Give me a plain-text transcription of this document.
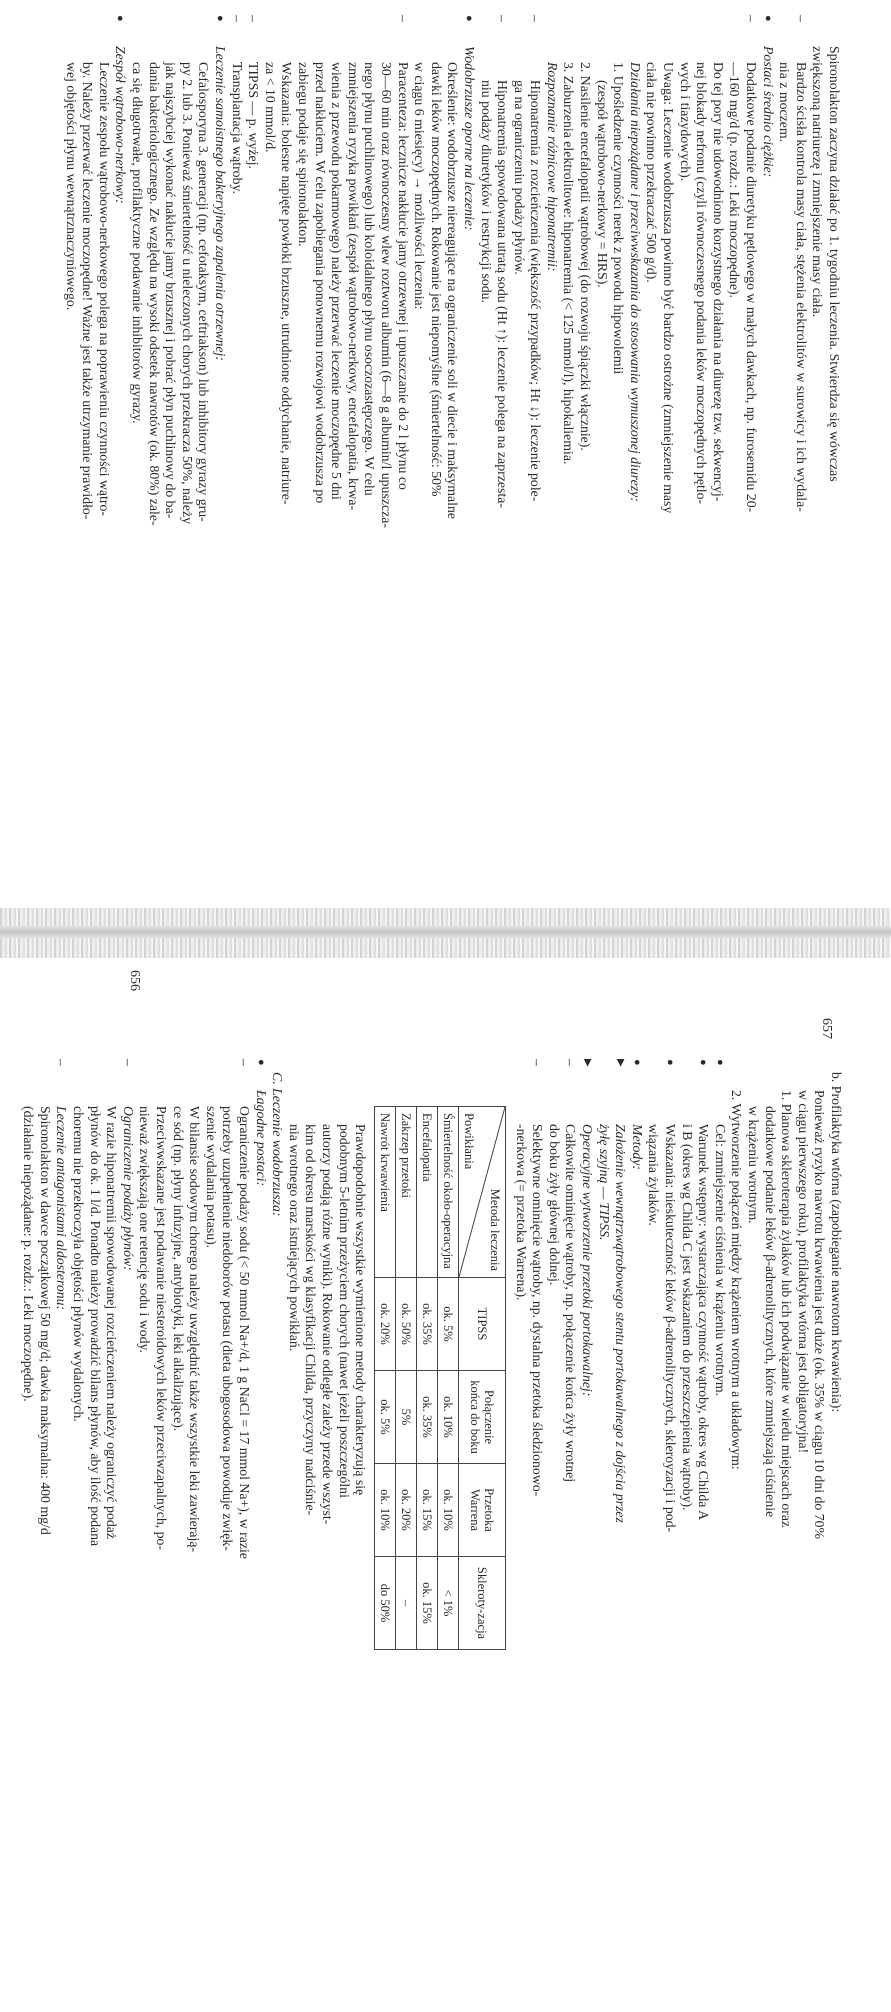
Spironolakton zaczyna działać po 1. tygodniu leczenia. Stwierdza się wówczas

zwiększoną natriurezę i zmniejszenie masy ciała.

– Bardzo ścisła kontrola masy ciała, stężenia elektrolitów w surowicy i ich wydala-

nia z moczem.

● Postaci średnio ciężkie:

– Dodatkowe podanie diuretyku pętlowego w małych dawkach, np. furosemidu 20-

—160 mg/d (p. rozdz.: Leki moczopędne).

Do tej pory nie udowodniono korzystnego działania na diurezę tzw. sekwencyj-

nej blokady nefronu (czyli równoczesnego podania leków moczopędnych pętlo-

wych i tiazydowych).

Uwaga: Leczenie wodobrzusza powinno być bardzo ostrożne (zmniejszenie masy

ciała nie powinno przekraczać 500 g/d).

Działania niepożądane i przeciwwskazania do stosowania wymuszonej diurezy:

1. Upośledzenie czynności nerek z powodu hipowolemii

(zespół wątrobowo-nerkowy = HRS).

2. Nasilenie encefalopatii wątrobowej (do rozwoju śpiączki włącznie).

3. Zaburzenia elektrolitowe: hiponatremia (< 125 mmol/l), hipokaliemia.

Rozpoznanie różnicowe hiponatremii:

– Hiponatremia z rozcieńczenia (większość przypadków; Ht ↓): leczenie pole-

ga na ograniczeniu podaży płynów.

– Hiponatremia spowodowana utratą sodu (Ht ↑): leczenie polega na zaprzesta-

niu podaży diuretyków i restrykcji sodu.

● Wodobrzusze oporne na leczenie:

Określenie: wodobrzusze niereagujące na ograniczenie soli w diecie i maksymalne

dawki leków moczopędnych. Rokowanie jest niepomyślne (śmiertelność: 50%

w ciągu 6 miesięcy) → możliwości leczenia:

– Paracenteza: lecznicze nakłucie jamy otrzewnej i upuszczanie do 2 l płynu co

30—60 min oraz równoczesny wlew roztworu albumin (6—8 g albumin/l upuszcza-

nego płynu puchlinowego) lub koloidalnego płynu osoczozastępczego. W celu

zmniejszenia ryzyka powikłań (zespół wątrobowo-nerkowy, encefalopatia, krwa-

wienia z przewodu pokarmowego) należy przerwać leczenie moczopędne 5 dni

przed nakłuciem. W celu zapobiegania ponownemu rozwojowi wodobrzusza po

zabiegu podaje się spironolakton.

Wskazania: bolesne napięte powłoki brzuszne, utrudnione oddychanie, natriure-

za < 10 mmol/d.

– TIPSS — p. wyżej.

– Transplantacja wątroby.

● Leczenie samoistnego bakteryjnego zapalenia otrzewnej:

Cefalosporyna 3. generacji (np. cefotaksym, ceftriakson) lub inhibitory gyrazy gru-

py 2. lub 3. Ponieważ śmiertelność u nieleczonych chorych przekracza 50%, należy

jak najszybciej wykonać nakłucie jamy brzusznej i pobrać płyn puchlinowy do ba-

dania bakteriologicznego. Ze względu na wysoki odsetek nawrotów (ok. 80%) zale-

ca się długotrwałe, profilaktyczne podawanie inhibitorów gyrazy.

● Zespół wątrobowo-nerkowy:

Leczenie zespołu wątrobowo-nerkowego polega na poprawieniu czynności wątro-

by. Należy przerwać leczenie moczopędne! Ważne jest także utrzymanie prawidło-

wej objętości płynu wewnątrznaczyniowego.

657

b. Profilaktyka wtórna (zapobieganie nawrotom krwawienia):

Ponieważ ryzyko nawrotu krwawienia jest duże (ok. 35% w ciągu 10 dni do 70%

w ciągu pierwszego roku), profilaktyka wtórna jest obligatoryjna!

1. Planowa skleroterapia żylaków lub ich podwiązanie w wiedu miejscach oraz

dodatkowe podanie leków β-adrenolitycznych, które zmniejszają ciśnienie

w krążeniu wrotnym.

2. Wytworzenie połączeń między krążeniem wrotnym a układowym:

● Cel: zmniejszenie ciśnienia w krążeniu wrotnym.

● Warunek wstępny: wystarczająca czynność wątroby, okres wg Childa A

i B (okres wg Childa C jest wskazaniem do przeszczepienia wątroby).

● Wskazania: nieskuteczność leków β-adrenolitycznych, skleroyzacji i pod-

wiązania żylaków.

● Metody:

▶ Założenie wewnątrzwątrobowego stentu portokawalnego z dojścia przez

żyłę szyjną — TIPSS.

▶ Operacyjne wytworzenie przetoki portokawalnej:

– Całkowite ominięcie wątroby, np. połączenie końca żyły wrotnej

do boku żyły głównej dolnej.

– Selektywne ominięcie wątroby, np. dystalna przetoka śledzionowo-

-nerkowa (= przetoka Warrena).

Metoda leczenia
Powikłania	TIPSS	Połączenie końca do boku	Przetoka Warrena	Skleroty-zacja
Śmiertelność około-operacyjna	ok. 5%	ok. 10%	ok. 10%	< 1%
Encefalopatia	ok. 35%	ok. 35%	ok. 15%	ok. 15%
Zakrzep przetoki	ok. 50%	5%	ok. 20%	–
Nawrót krwawienia	ok. 20%	ok. 5%	ok. 10%	do 50%

Prawdopodobnie wszystkie wymienione metody charakteryzują się

podobnym 5-letnim przeżyciem chorych (nawet jeżeli poszczególni

autorzy podają różne wyniki). Rokowanie odległe zależy przede wszyst-

kim od okresu marskości wg klasyfikacji Childa, przyczyny nadciśnie-

nia wrotnego oraz istniejących powikłań.

C. Leczenie wodobrzusza:

● Łagodne postaci:

– Ograniczenie podaży sodu (< 50 mmol Na+/d, 1 g NaCl = 17 mmol Na+), w razie

potrzeby uzupełnienie niedoborów potasu (dieta ubogosodowa powoduje zwięk-

szenie wydalania potasu).

W bilansie sodowym chorego należy uwzględnić także wszystkie leki zawierają-

ce sód (np. płyny infuzyjne, antybiotyki, leki alkalizujące).

Przeciwwskazane jest podawanie niesteroidowych leków przeciwzapalnych, po-

nieważ zwiększają one retencję sodu i wody.

– Ograniczenie podaży płynów:

W razie hiponatremii spowodowanej rozcieńczeniem należy ograniczyć podaż

płynów do ok. 1 l/d. Ponadto należy prowadzić bilans płynów, aby ilość podana

choremu nie przekroczyła objętości płynów wydalonych.

– Leczenie antagonistami aldosteronu:

Spironolakton w dawce początkowej 50 mg/d; dawka maksymalna: 400 mg/d

(działanie niepożądane: p. rozdz.: Leki moczopędne).

656
